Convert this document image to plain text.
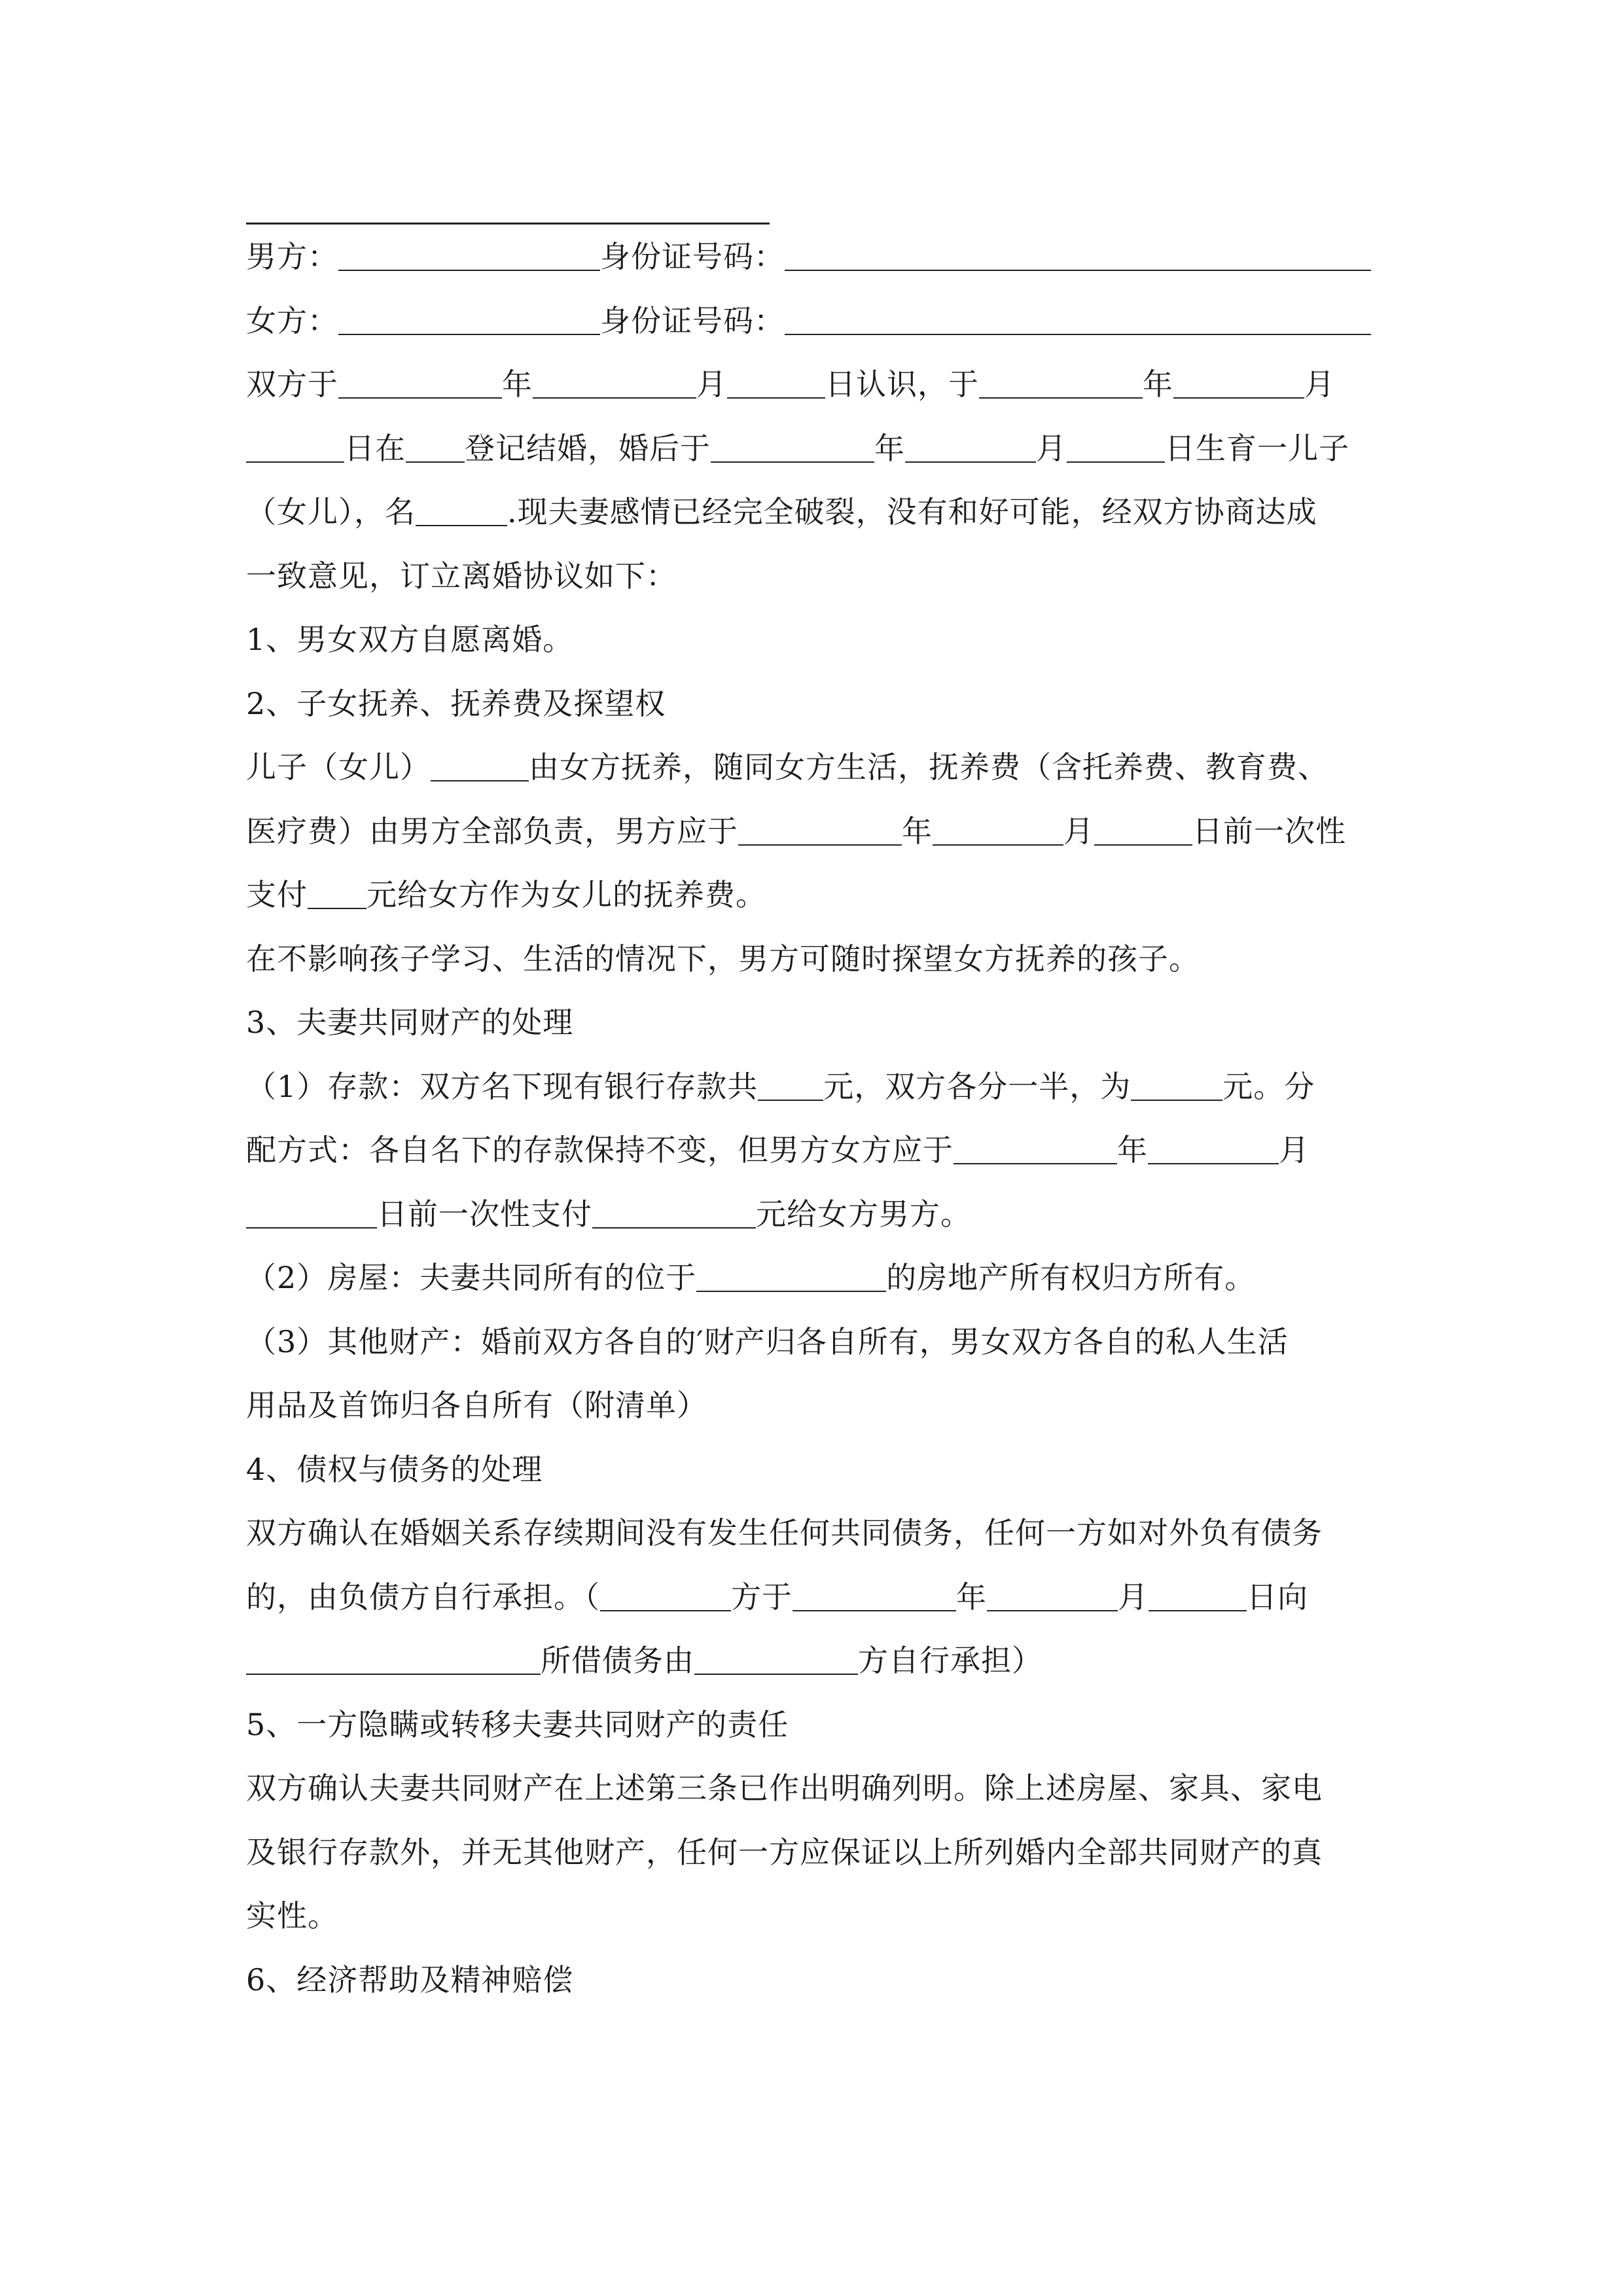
男方：	身份证号码：
女方：	身份证号码：
双方于	年	月	日认识，于	年	月
日在 登记结婚，婚后于	年	月	日生育一儿子
（女儿），名	.现夫妻感情已经完全破裂，没有和好可能，经双方协商达成
一致意见，订立离婚协议如下：
1、男女双方自愿离婚。
2、子女抚养、抚养费及探望权
儿子（女儿）	由女方抚养，随同女方生活，抚养费（含托养费、教育费、
医疗费）由男方全部负责，男方应于	年	月	日前一次性
支付 元给女方作为女儿的抚养费。
在不影响孩子学习、生活的情况下，男方可随时探望女方抚养的孩子。
3、夫妻共同财产的处理
（1）存款：双方名下现有银行存款共 元，双方各分一半，为	元。分
配方式：各自名下的存款保持不变，但男方女方应于	年	月
日前一次性支付	元给女方男方。
（2）房屋：夫妻共同所有的位于	的房地产所有权归方所有。
（3）其他财产：婚前双方各自的′财产归各自所有，男女双方各自的私人生活
用品及首饰归各自所有（附清单）
4、债权与债务的处理
双方确认在婚姻关系存续期间没有发生任何共同债务，任何一方如对外负有债务
的，由负债方自行承担。（	方于	年	月	日向
所借债务由	方自行承担）
5、一方隐瞒或转移夫妻共同财产的责任
双方确认夫妻共同财产在上述第三条已作出明确列明。除上述房屋、家具、家电
及银行存款外，并无其他财产，任何一方应保证以上所列婚内全部共同财产的真
实性。
6、经济帮助及精神赔偿
